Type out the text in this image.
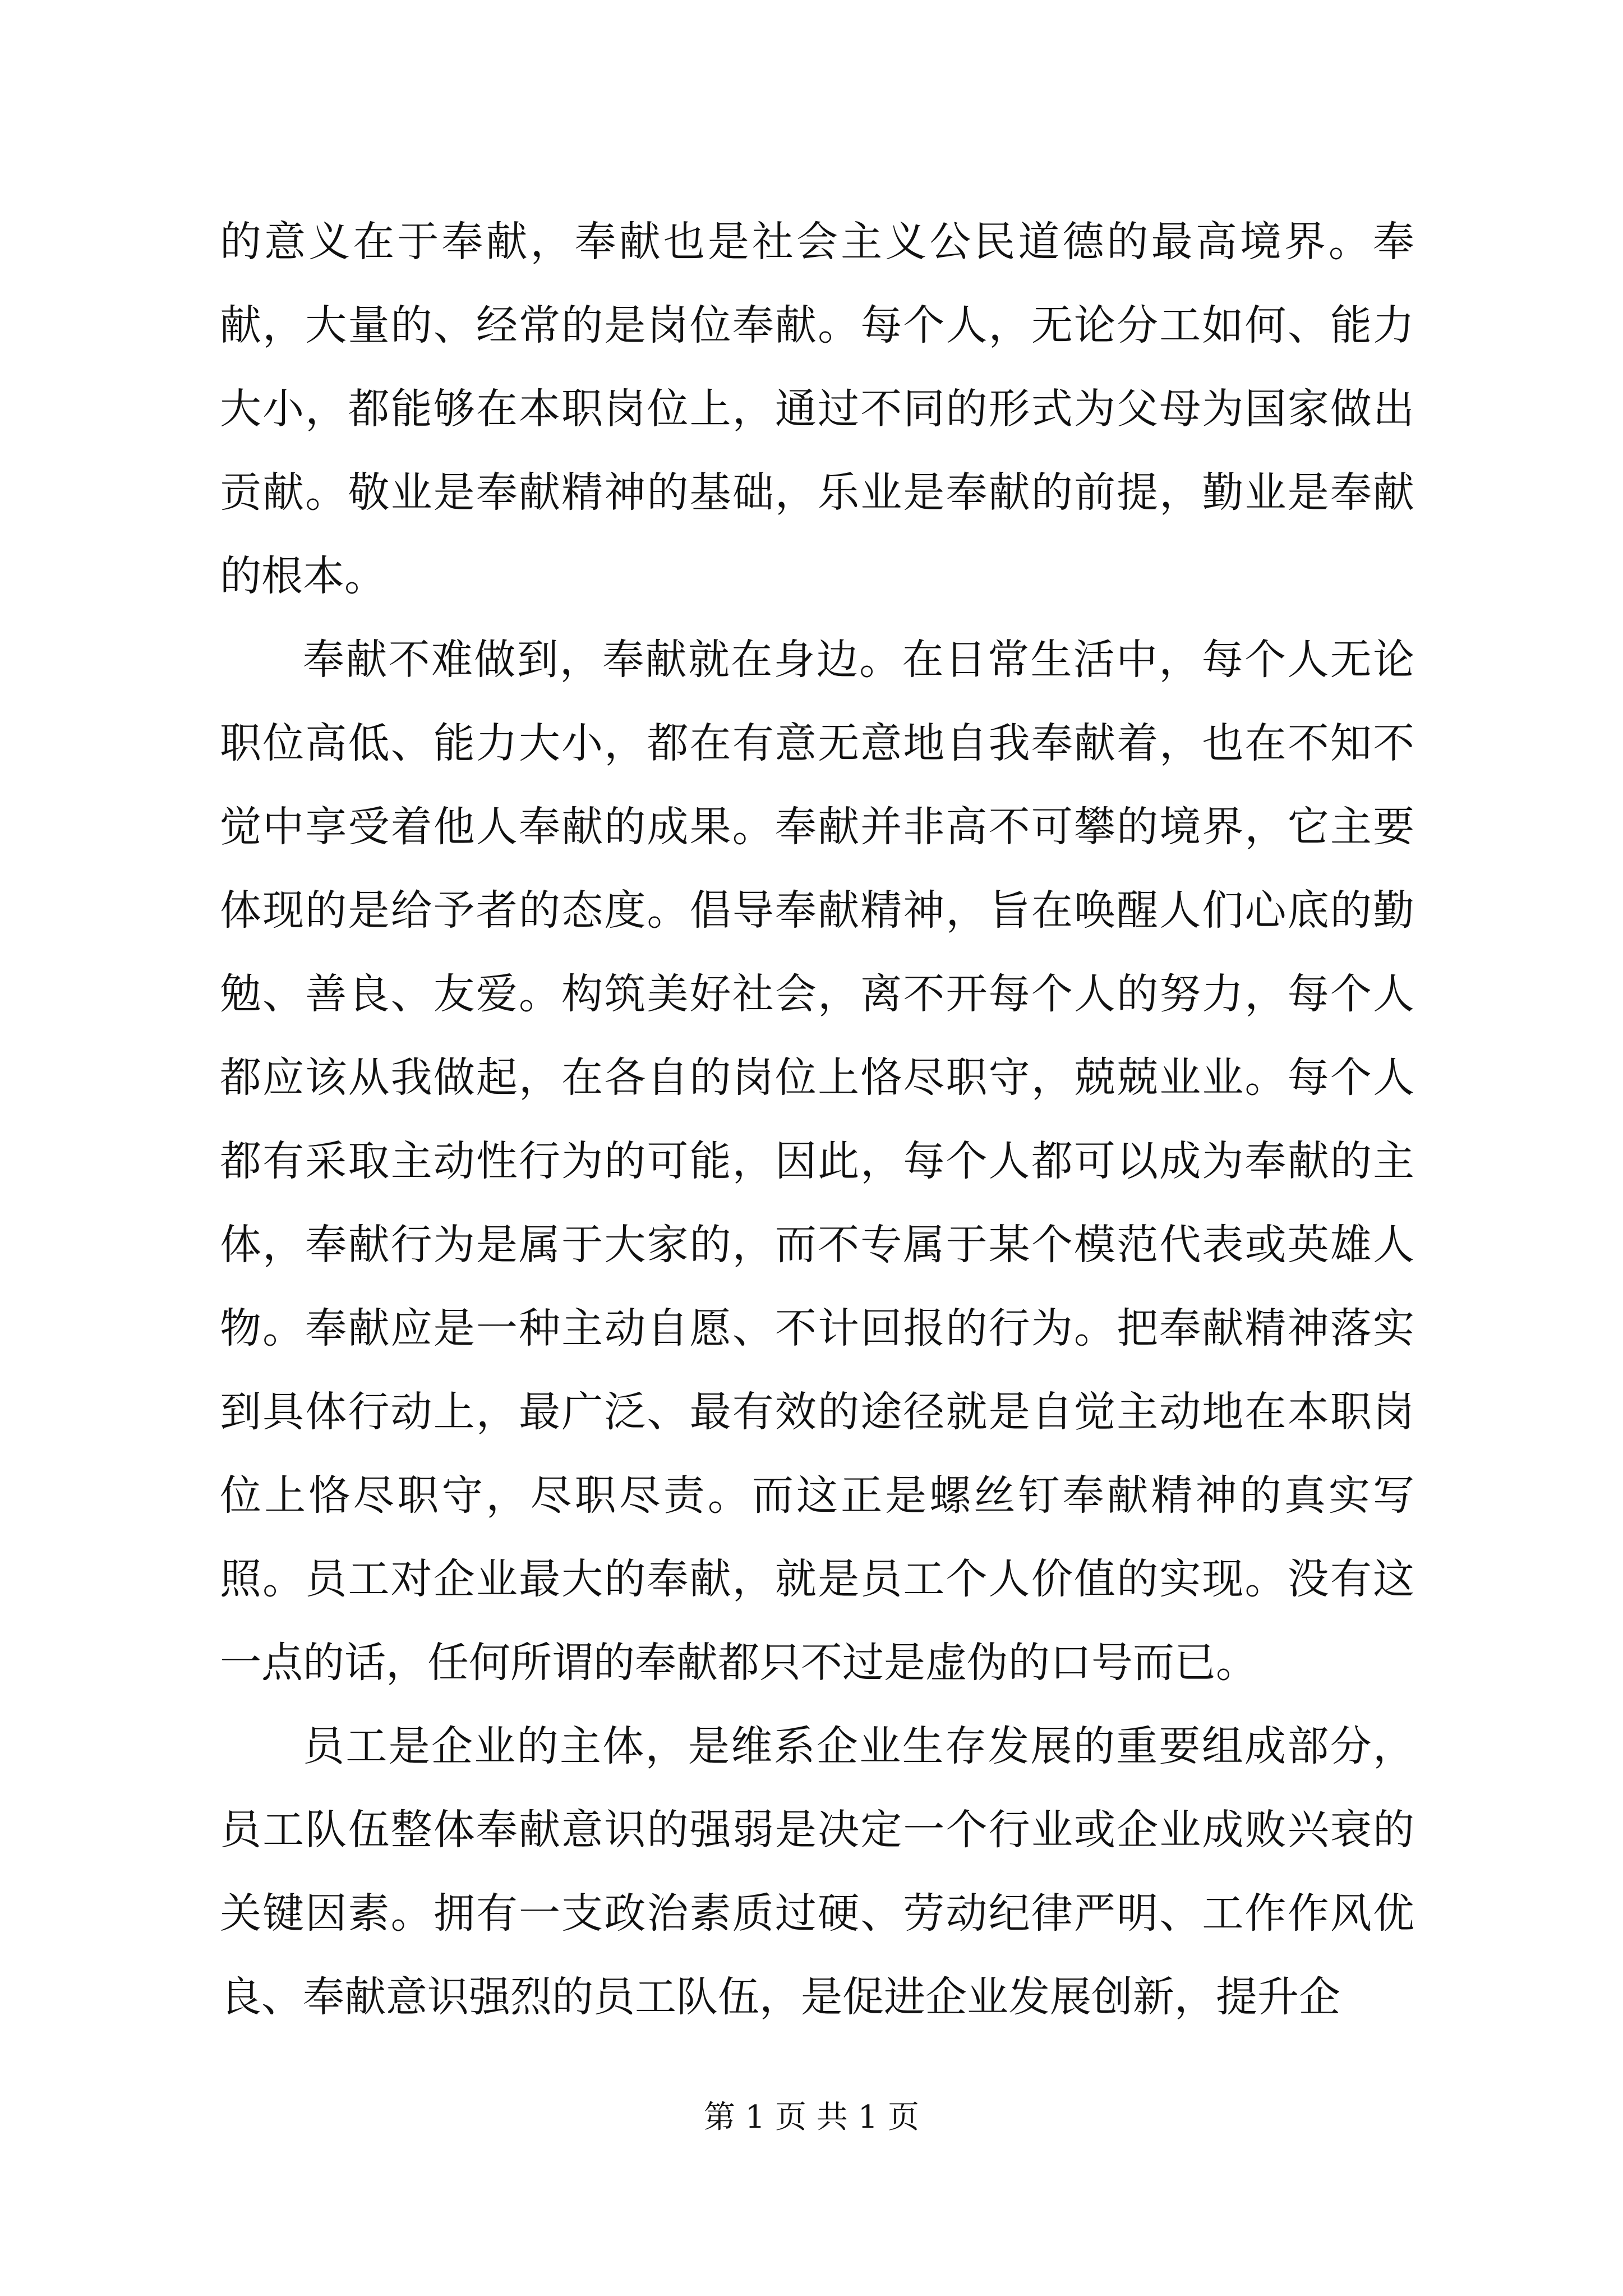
的意义在于奉献，奉献也是社会主义公民道德的最高境界。奉献，大量的、经常的是岗位奉献。每个人，无论分工如何、能力大小，都能够在本职岗位上，通过不同的形式为父母为国家做出贡献。敬业是奉献精神的基础，乐业是奉献的前提，勤业是奉献的根本。

奉献不难做到，奉献就在身边。在日常生活中，每个人无论职位高低、能力大小，都在有意无意地自我奉献着，也在不知不觉中享受着他人奉献的成果。奉献并非高不可攀的境界，它主要体现的是给予者的态度。倡导奉献精神，旨在唤醒人们心底的勤勉、善良、友爱。构筑美好社会，离不开每个人的努力，每个人都应该从我做起，在各自的岗位上恪尽职守，兢兢业业。每个人都有采取主动性行为的可能，因此，每个人都可以成为奉献的主体，奉献行为是属于大家的，而不专属于某个模范代表或英雄人物。奉献应是一种主动自愿、不计回报的行为。把奉献精神落实到具体行动上，最广泛、最有效的途径就是自觉主动地在本职岗位上恪尽职守，尽职尽责。而这正是螺丝钉奉献精神的真实写照。员工对企业最大的奉献，就是员工个人价值的实现。没有这一点的话，任何所谓的奉献都只不过是虚伪的口号而已。

员工是企业的主体，是维系企业生存发展的重要组成部分，员工队伍整体奉献意识的强弱是决定一个行业或企业成败兴衰的关键因素。拥有一支政治素质过硬、劳动纪律严明、工作作风优良、奉献意识强烈的员工队伍，是促进企业发展创新，提升企

第 1 页 共 1 页
